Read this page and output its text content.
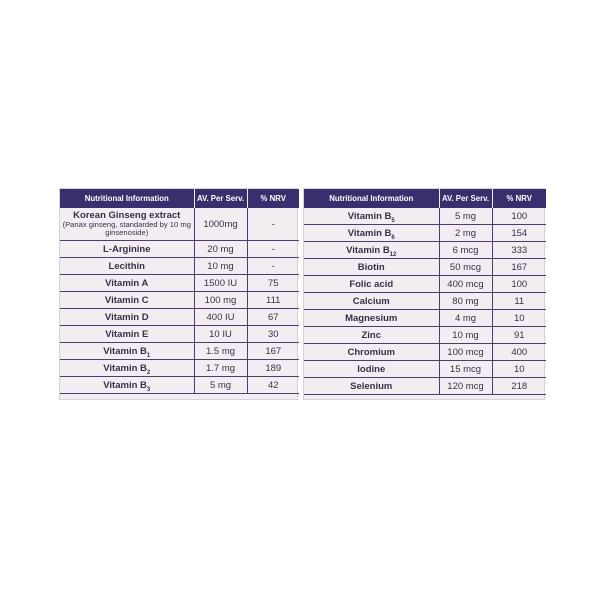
Nutritional Information	AV. Per Serv.	% NRV

Korean Ginseng extract
(Panax ginseng, standarded by 10 mg ginsenoside)	1000mg	-
L-Arginine	20 mg	-
Lecithin	10 mg	-
Vitamin A	1500 IU	75
Vitamin C	100 mg	111
Vitamin D	400 IU	67
Vitamin E	10 IU	30
Vitamin $B_1$	1.5 mg	167
Vitamin $B_2$	1.7 mg	189
Vitamin $B_3$	5 mg	42
Nutritional Information	AV. Per Serv.	% NRV
Vitamin $B_5$	5 mg	100
Vitamin $B_6$	2 mg	154
Vitamin $B_{12}$	6 mcg	333
Biotin	50 mcg	167
Folic acid	400 mcg	100
Calcium	80 mg	11
Magnesium	4 mg	10
Zinc	10 mg	91
Chromium	100 mcg	400
Iodine	15 mcg	10
Selenium	120 mcg	218
